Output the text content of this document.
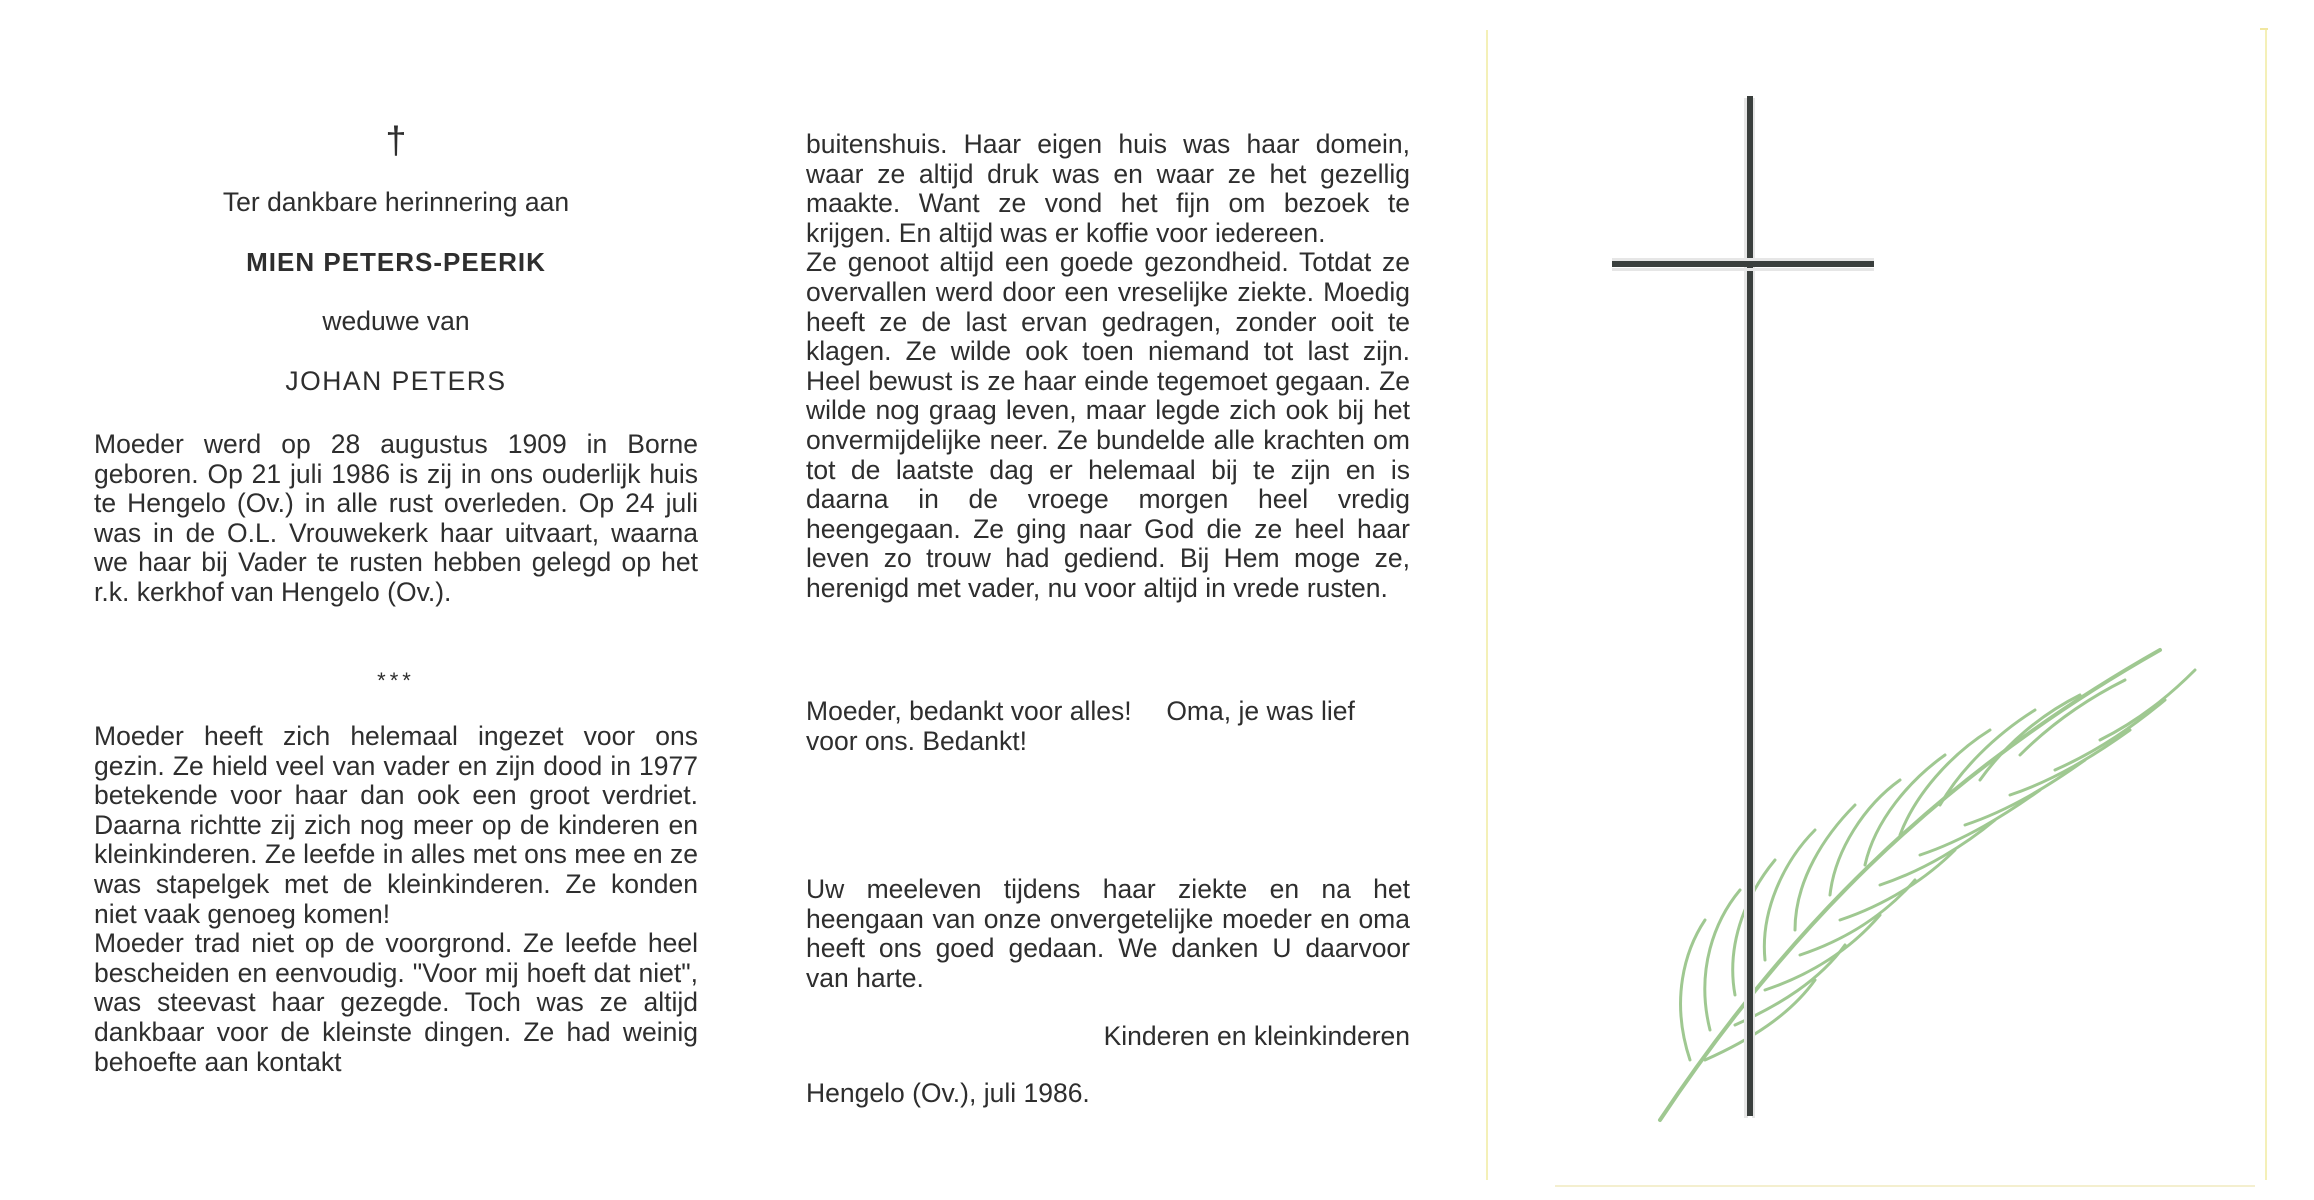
†
Ter dankbare herinnering aan
MIEN PETERS-PEERIK
weduwe van
JOHAN PETERS

Moeder werd op 28 augustus 1909 in Borne geboren. Op 21 juli 1986 is zij in ons ouderlijk huis te Hengelo (Ov.) in alle rust overleden. Op 24 juli was in de O.L. Vrouwekerk haar uitvaart, waarna we haar bij Vader te rusten hebben gelegd op het r.k. kerkhof van Hengelo (Ov.).

***

Moeder heeft zich helemaal ingezet voor ons gezin. Ze hield veel van vader en zijn dood in 1977 betekende voor haar dan ook een groot verdriet. Daarna richtte zij zich nog meer op de kinderen en kleinkinderen. Ze leefde in alles met ons mee en ze was stapelgek met de kleinkinderen. Ze konden niet vaak genoeg komen!

Moeder trad niet op de voorgrond. Ze leefde heel bescheiden en eenvoudig. "Voor mij hoeft dat niet", was steevast haar gezegde. Toch was ze altijd dankbaar voor de kleinste dingen. Ze had weinig behoefte aan kontakt

buitenshuis. Haar eigen huis was haar domein, waar ze altijd druk was en waar ze het gezellig maakte. Want ze vond het fijn om bezoek te krijgen. En altijd was er koffie voor iedereen.

Ze genoot altijd een goede gezondheid. Totdat ze overvallen werd door een vreselijke ziekte. Moedig heeft ze de last ervan gedragen, zonder ooit te klagen. Ze wilde ook toen niemand tot last zijn. Heel bewust is ze haar einde tegemoet gegaan. Ze wilde nog graag leven, maar legde zich ook bij het onvermijdelijke neer. Ze bundelde alle krachten om tot de laatste dag er helemaal bij te zijn en is daarna in de vroege morgen heel vredig heengegaan. Ze ging naar God die ze heel haar leven zo trouw had gediend. Bij Hem moge ze, herenigd met vader, nu voor altijd in vrede rusten.

Moeder, bedankt voor alles! Oma, je was lief voor ons. Bedankt!
Uw meeleven tijdens haar ziekte en na het heengaan van onze onvergetelijke moeder en oma heeft ons goed gedaan. We danken U daarvoor van harte.
Kinderen en kleinkinderen
Hengelo (Ov.), juli 1986.
